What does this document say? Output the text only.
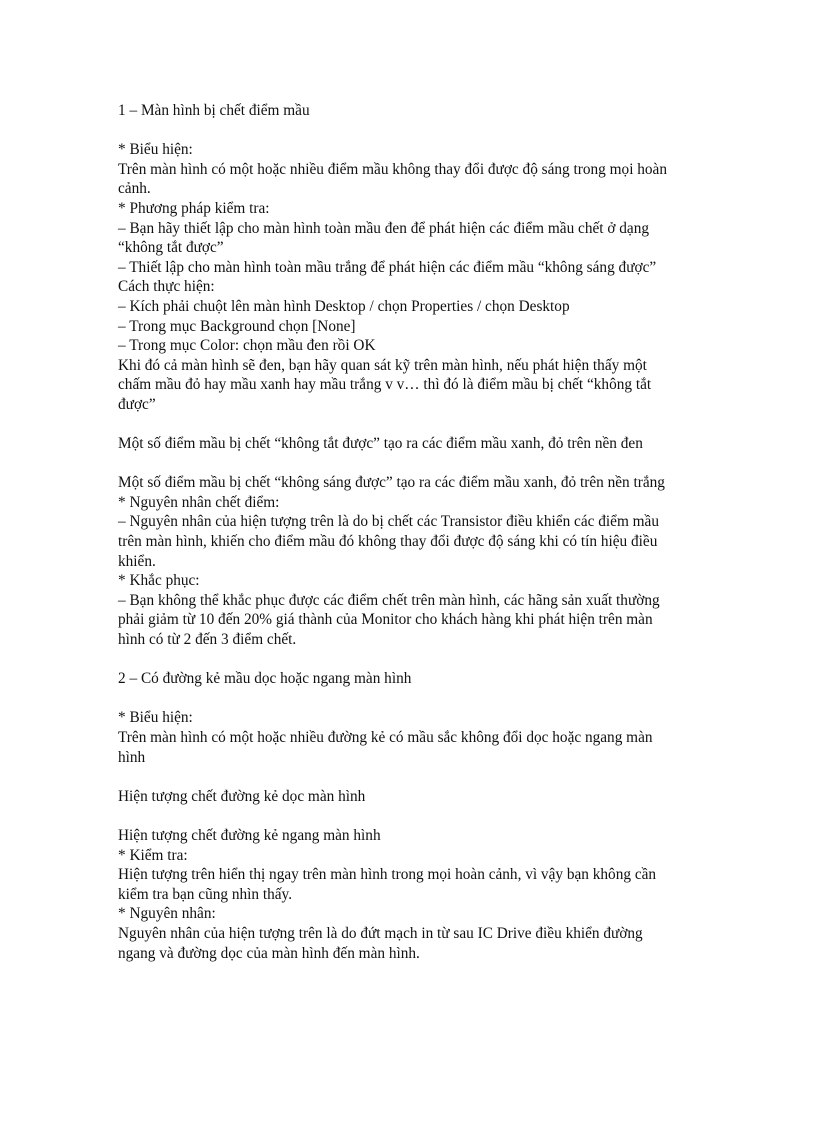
1 – Màn hình bị chết điểm mầu
* Biểu hiện:
Trên màn hình có một hoặc nhiều điểm mầu không thay đổi được độ sáng trong mọi hoàn
cảnh.
* Phương pháp kiểm tra:
– Bạn hãy thiết lập cho màn hình toàn mầu đen để phát hiện các điểm mầu chết ở dạng
“không tắt được”
– Thiết lập cho màn hình toàn mầu trắng để phát hiện các điểm mầu “không sáng được”
Cách thực hiện:
– Kích phải chuột lên màn hình Desktop / chọn Properties / chọn Desktop
– Trong mục Background chọn [None]
– Trong mục Color: chọn mầu đen rồi OK
Khi đó cả màn hình sẽ đen, bạn hãy quan sát kỹ trên màn hình, nếu phát hiện thấy một
chấm mầu đỏ hay mầu xanh hay mầu trắng v v… thì đó là điểm mầu bị chết “không tắt
được”
Một số điểm mầu bị chết “không tắt được” tạo ra các điểm mầu xanh, đỏ trên nền đen
Một số điểm mầu bị chết “không sáng được” tạo ra các điểm mầu xanh, đỏ trên nền trắng
* Nguyên nhân chết điểm:
– Nguyên nhân của hiện tượng trên là do bị chết các Transistor điều khiển các điểm mầu
trên màn hình, khiến cho điểm mầu đó không thay đổi được độ sáng khi có tín hiệu điều
khiển.
* Khắc phục:
– Bạn không thể khắc phục được các điểm chết trên màn hình, các hãng sản xuất thường
phải giảm từ 10 đến 20% giá thành của Monitor cho khách hàng khi phát hiện trên màn
hình có từ 2 đến 3 điểm chết.
2 – Có đường kẻ mầu dọc hoặc ngang màn hình
* Biểu hiện:
Trên màn hình có một hoặc nhiều đường kẻ có mầu sắc không đổi dọc hoặc ngang màn
hình
Hiện tượng chết đường kẻ dọc màn hình
Hiện tượng chết đường kẻ ngang màn hình
* Kiểm tra:
Hiện tượng trên hiển thị ngay trên màn hình trong mọi hoàn cảnh, vì vậy bạn không cần
kiểm tra bạn cũng nhìn thấy.
* Nguyên nhân:
Nguyên nhân của hiện tượng trên là do đứt mạch in từ sau IC Drive điều khiển đường
ngang và đường dọc của màn hình đến màn hình.
